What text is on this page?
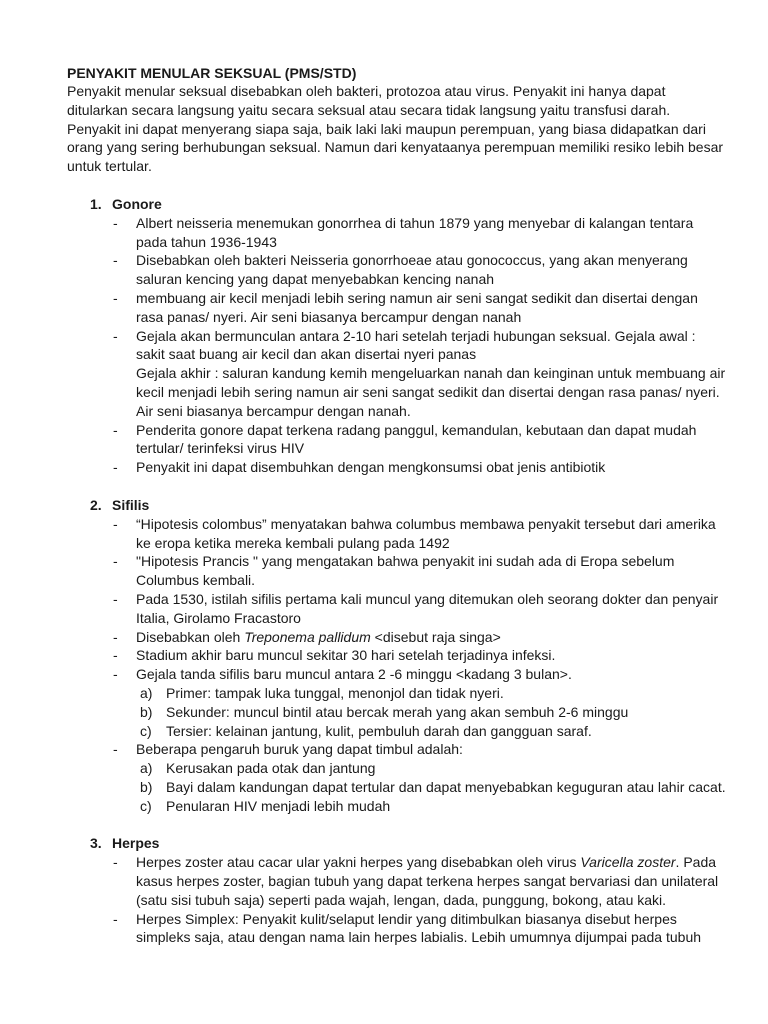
PENYAKIT MENULAR SEKSUAL (PMS/STD)

Penyakit menular seksual disebabkan oleh bakteri, protozoa atau virus. Penyakit ini hanya dapat ditularkan secara langsung yaitu secara seksual atau secara tidak langsung yaitu transfusi darah. Penyakit ini dapat menyerang siapa saja, baik laki laki maupun perempuan, yang biasa didapatkan dari orang yang sering berhubungan seksual. Namun dari kenyataanya perempuan memiliki resiko lebih besar untuk tertular.

1. Gonore
- Albert neisseria menemukan gonorrhea di tahun 1879 yang menyebar di kalangan tentara pada tahun 1936-1943
- Disebabkan oleh bakteri Neisseria gonorrhoeae atau gonococcus, yang akan menyerang saluran kencing yang dapat menyebabkan kencing nanah
- membuang air kecil menjadi lebih sering namun air seni sangat sedikit dan disertai dengan rasa panas/ nyeri. Air seni biasanya bercampur dengan nanah
- Gejala akan bermunculan antara 2-10 hari setelah terjadi hubungan seksual. Gejala awal : sakit saat buang air kecil dan akan disertai nyeri panas
Gejala akhir : saluran kandung kemih mengeluarkan nanah dan keinginan untuk membuang air kecil menjadi lebih sering namun air seni sangat sedikit dan disertai dengan rasa panas/ nyeri. Air seni biasanya bercampur dengan nanah.
- Penderita gonore dapat terkena radang panggul, kemandulan, kebutaan dan dapat mudah tertular/ terinfeksi virus HIV
- Penyakit ini dapat disembuhkan dengan mengkonsumsi obat jenis antibiotik
2. Sifilis
- “Hipotesis colombus” menyatakan bahwa columbus membawa penyakit tersebut dari amerika ke eropa ketika mereka kembali pulang pada 1492
- "Hipotesis Prancis " yang mengatakan bahwa penyakit ini sudah ada di Eropa sebelum Columbus kembali.
- Pada 1530, istilah sifilis pertama kali muncul yang ditemukan oleh seorang dokter dan penyair Italia, Girolamo Fracastoro
- Disebabkan oleh Treponema pallidum <disebut raja singa>
- Stadium akhir baru muncul sekitar 30 hari setelah terjadinya infeksi.
- Gejala tanda sifilis baru muncul antara 2 -6 minggu <kadang 3 bulan>.
a) Primer: tampak luka tunggal, menonjol dan tidak nyeri.
b) Sekunder: muncul bintil atau bercak merah yang akan sembuh 2-6 minggu
c) Tersier: kelainan jantung, kulit, pembuluh darah dan gangguan saraf.
- Beberapa pengaruh buruk yang dapat timbul adalah:
a) Kerusakan pada otak dan jantung
b) Bayi dalam kandungan dapat tertular dan dapat menyebabkan keguguran atau lahir cacat.
c) Penularan HIV menjadi lebih mudah
3. Herpes
- Herpes zoster atau cacar ular yakni herpes yang disebabkan oleh virus Varicella zoster. Pada kasus herpes zoster, bagian tubuh yang dapat terkena herpes sangat bervariasi dan unilateral (satu sisi tubuh saja) seperti pada wajah, lengan, dada, punggung, bokong, atau kaki.
- Herpes Simplex: Penyakit kulit/selaput lendir yang ditimbulkan biasanya disebut herpes simpleks saja, atau dengan nama lain herpes labialis. Lebih umumnya dijumpai pada tubuh
